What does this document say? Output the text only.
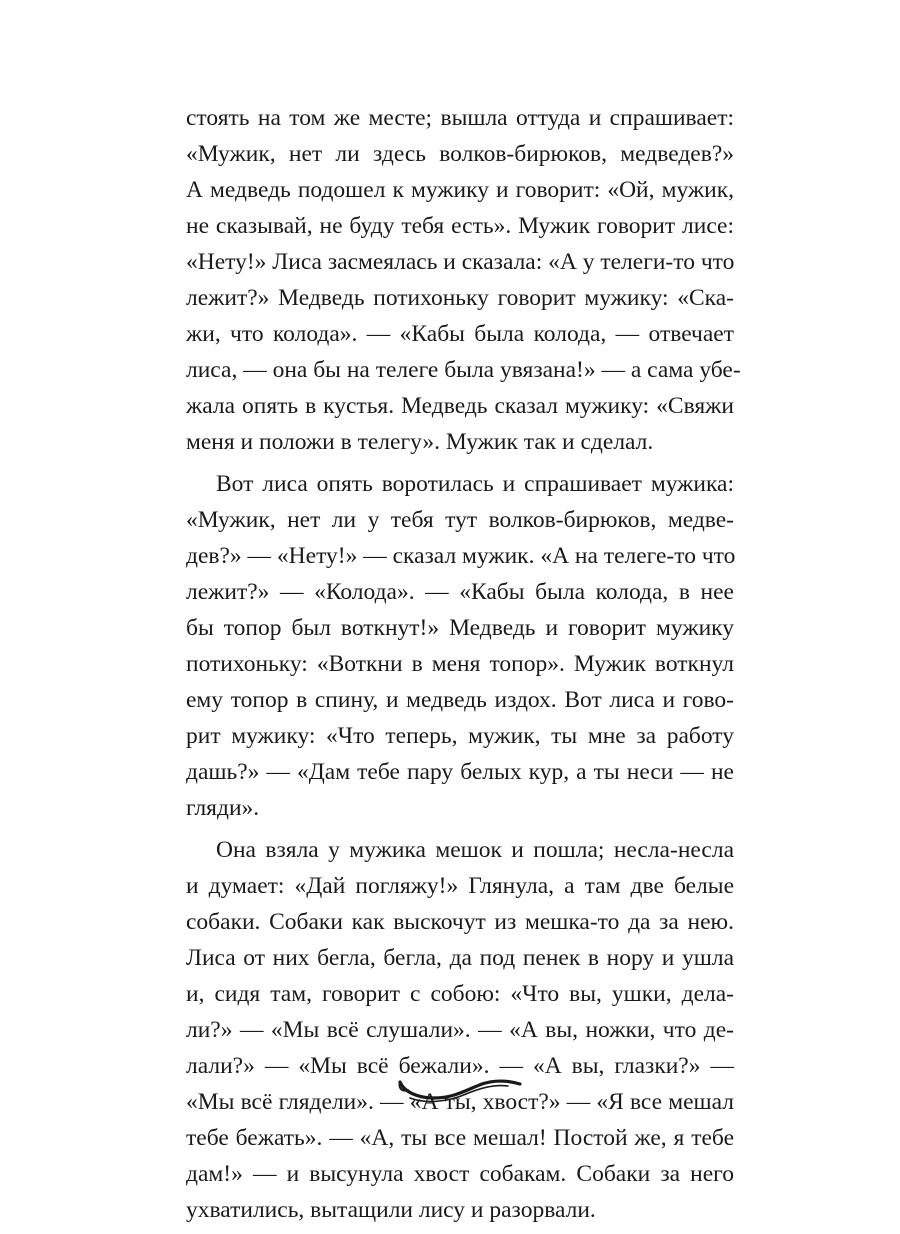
стоять на том же месте; вышла оттуда и спрашивает:
«Мужик, нет ли здесь волков-бирюков, медведев?»
А медведь подошел к мужику и говорит: «Ой, мужик,
не сказывай, не буду тебя есть». Мужик говорит лисе:
«Нету!» Лиса засмеялась и сказала: «А у телеги-то что
лежит?» Медведь потихоньку говорит мужику: «Ска-
жи, что колода». — «Кабы была колода, — отвечает
лиса, — она бы на телеге была увязана!» — а сама убе-
жала опять в кустья. Медведь сказал мужику: «Свяжи
меня и положи в телегу». Мужик так и сделал.
Вот лиса опять воротилась и спрашивает мужика:
«Мужик, нет ли у тебя тут волков-бирюков, медве-
дев?» — «Нету!» — сказал мужик. «А на телеге-то что
лежит?» — «Колода». — «Кабы была колода, в нее
бы топор был воткнут!» Медведь и говорит мужику
потихоньку: «Воткни в меня топор». Мужик воткнул
ему топор в спину, и медведь издох. Вот лиса и гово-
рит мужику: «Что теперь, мужик, ты мне за работу
дашь?» — «Дам тебе пару белых кур, а ты неси — не
гляди».
Она взяла у мужика мешок и пошла; несла-несла
и думает: «Дай погляжу!» Глянула, а там две белые
собаки. Собаки как выскочут из мешка-то да за нею.
Лиса от них бегла, бегла, да под пенек в нору и ушла
и, сидя там, говорит с собою: «Что вы, ушки, дела-
ли?» — «Мы всё слушали». — «А вы, ножки, что де-
лали?» — «Мы всё бежали». — «А вы, глазки?» —
«Мы всё глядели». — «А ты, хвост?» — «Я все мешал
тебе бежать». — «А, ты все мешал! Постой же, я тебе
дам!» — и высунула хвост собакам. Собаки за него
ухватились, вытащили лису и разорвали.
